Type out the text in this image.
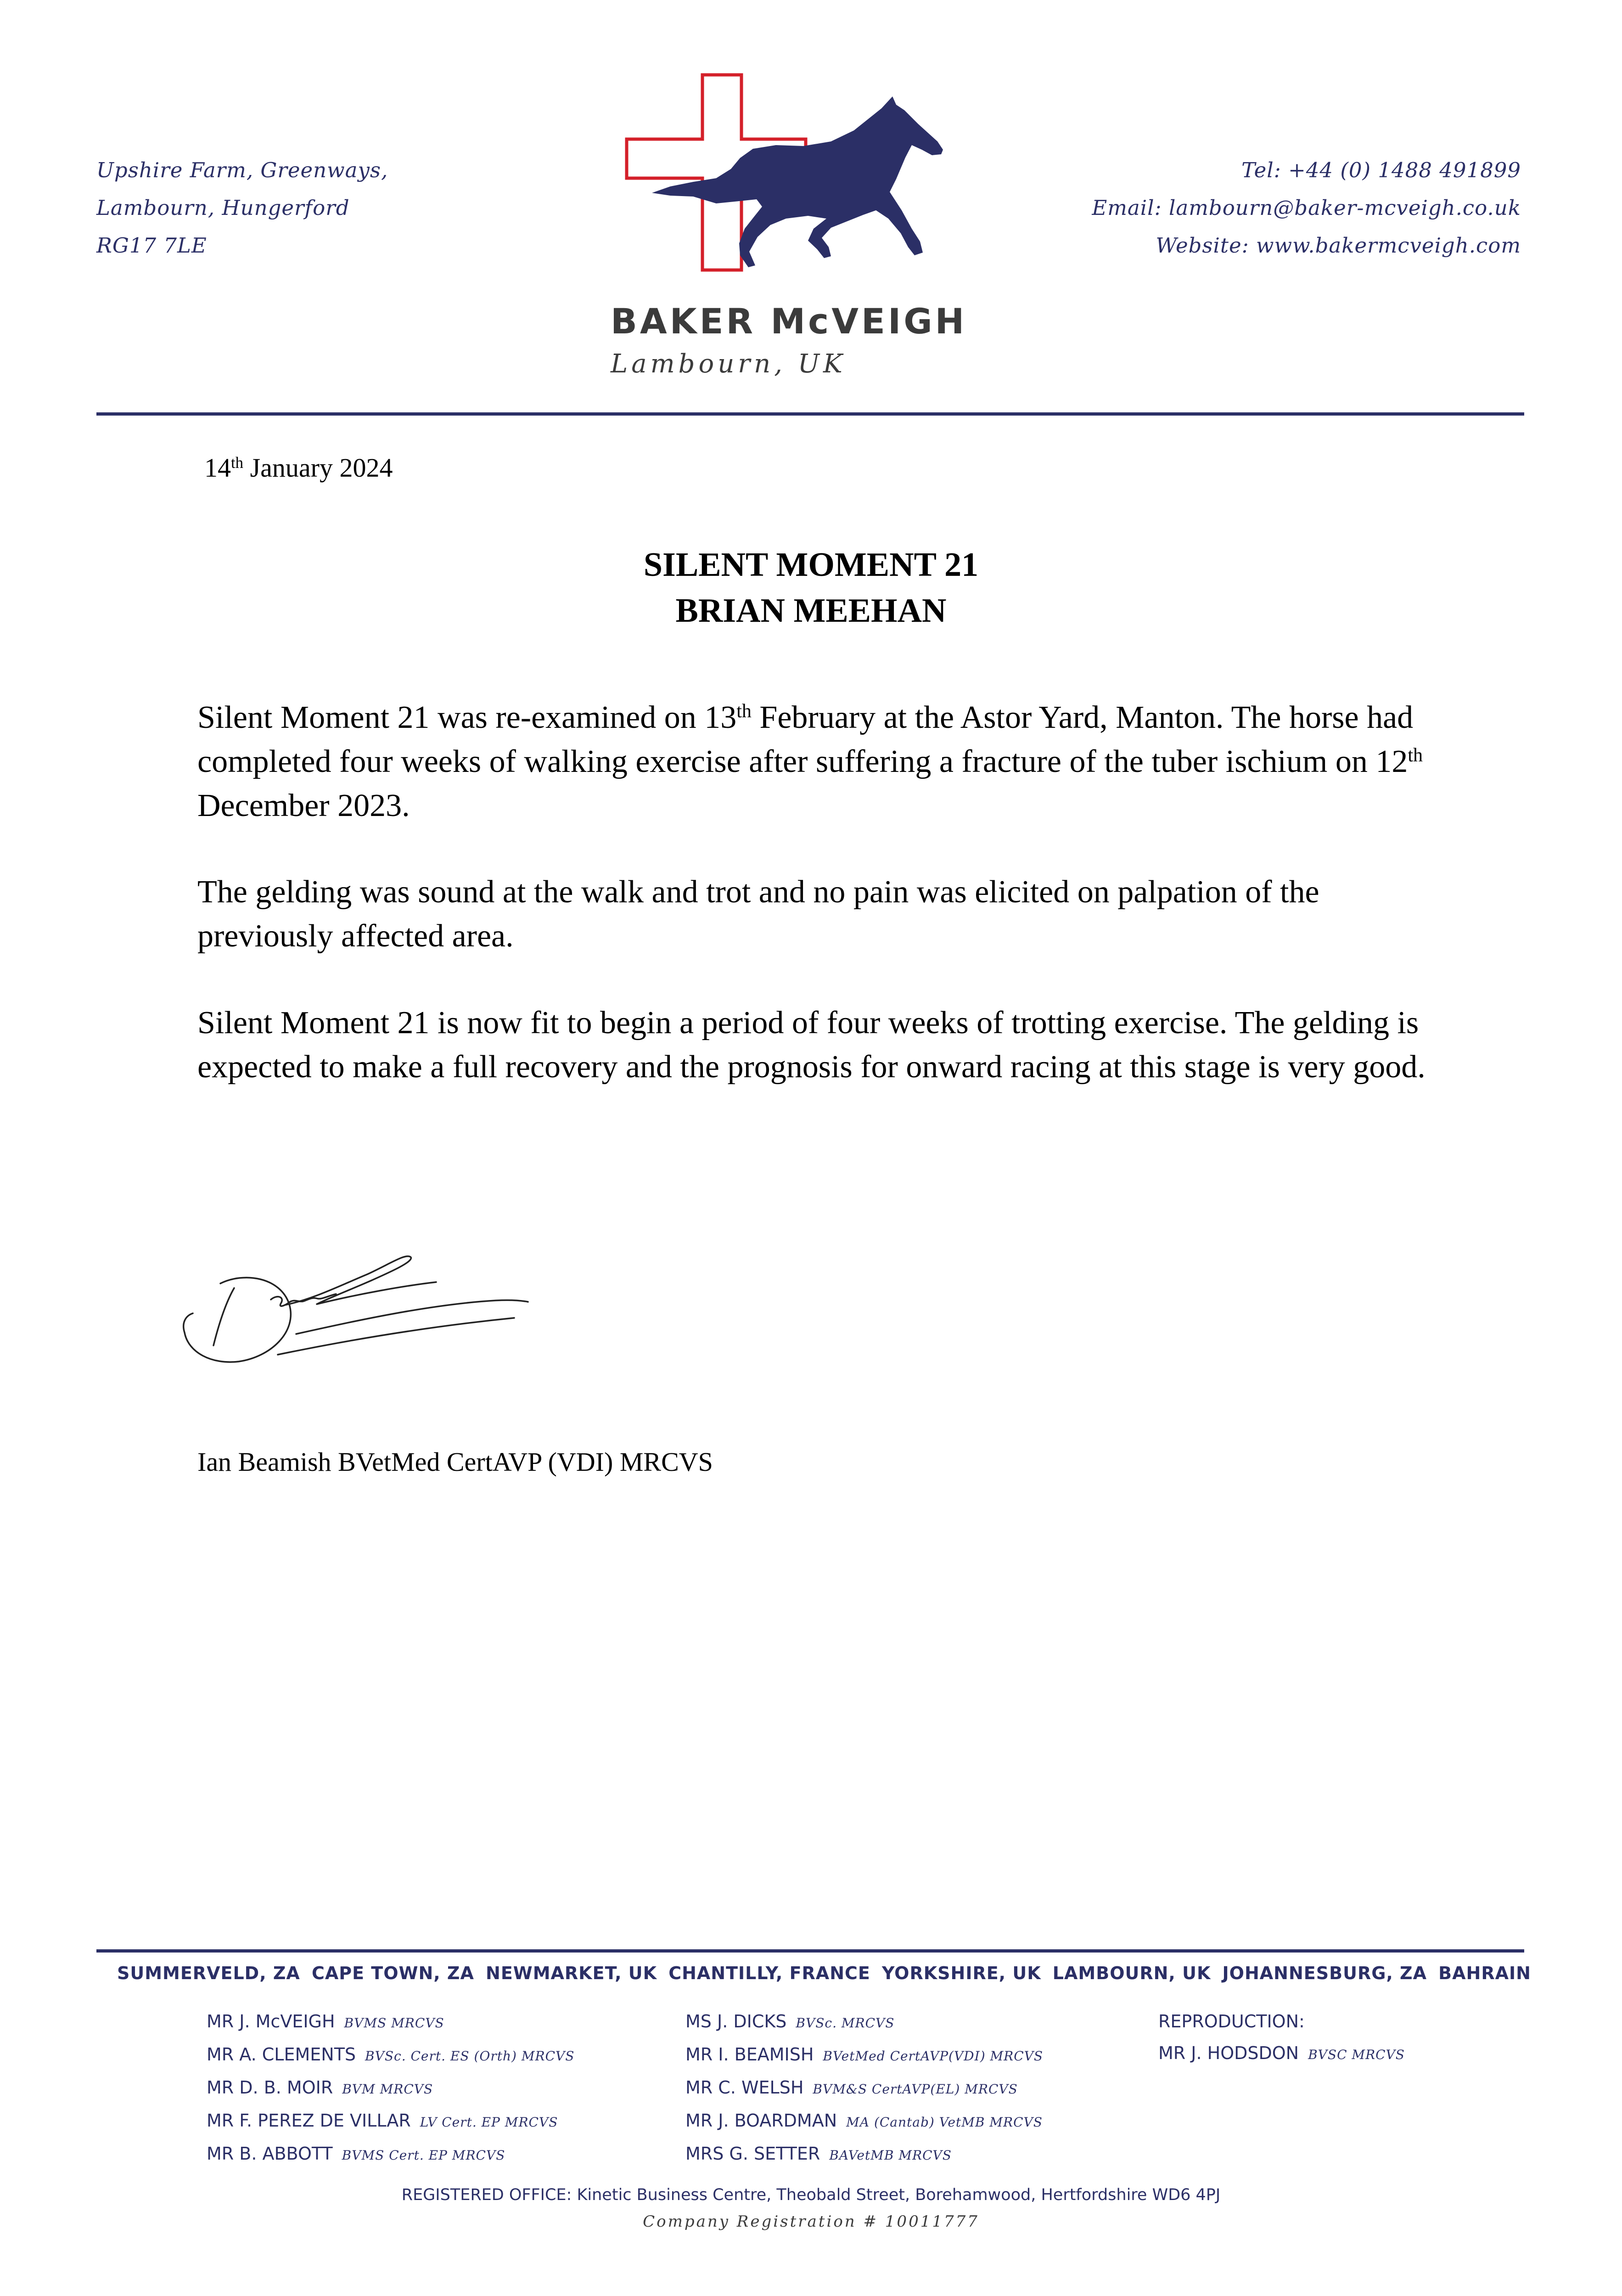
Upshire Farm, Greenways,
Lambourn, Hungerford
RG17 7LE
BAKER McVEIGH
Lambourn, UK
Tel: +44 (0) 1488 491899
Email: lambourn@baker-mcveigh.co.uk
Website: www.bakermcveigh.com
14th January 2024
SILENT MOMENT 21
BRIAN MEEHAN
Silent Moment 21 was re-examined on 13th February at the Astor Yard, Manton. The horse had completed four weeks of walking exercise after suffering a fracture of the tuber ischium on 12th December 2023.
The gelding was sound at the walk and trot and no pain was elicited on palpation of the previously affected area.
Silent Moment 21 is now fit to begin a period of four weeks of trotting exercise. The gelding is expected to make a full recovery and the prognosis for onward racing at this stage is very good.
Ian Beamish BVetMed CertAVP (VDI) MRCVS
SUMMERVELD, ZA CAPE TOWN, ZA NEWMARKET, UK CHANTILLY, FRANCE YORKSHIRE, UK LAMBOURN, UK JOHANNESBURG, ZA BAHRAIN
MR J. McVEIGH BVMS MRCVS
MR A. CLEMENTS BVSc. Cert. ES (Orth) MRCVS
MR D. B. MOIR BVM MRCVS
MR F. PEREZ DE VILLAR LV Cert. EP MRCVS
MR B. ABBOTT BVMS Cert. EP MRCVS
MS J. DICKS BVSc. MRCVS
MR I. BEAMISH BVetMed CertAVP(VDI) MRCVS
MR C. WELSH BVM&S CertAVP(EL) MRCVS
MR J. BOARDMAN MA (Cantab) VetMB MRCVS
MRS G. SETTER BAVetMB MRCVS
REPRODUCTION:
MR J. HODSDON BVSC MRCVS
REGISTERED OFFICE: Kinetic Business Centre, Theobald Street, Borehamwood, Hertfordshire WD6 4PJ
Company Registration # 10011777
